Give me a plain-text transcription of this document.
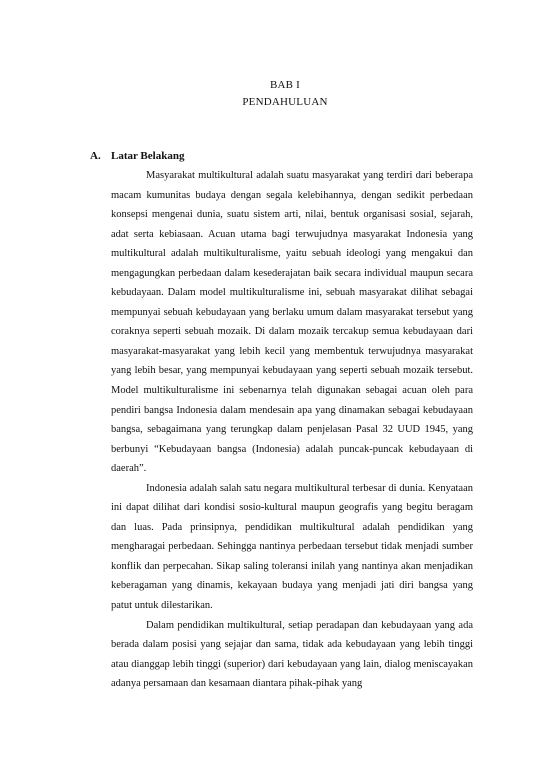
BAB I
PENDAHULUAN
A. Latar Belakang

Masyarakat multikultural adalah suatu masyarakat yang terdiri dari beberapa macam kumunitas budaya dengan segala kelebihannya, dengan sedikit perbedaan konsepsi mengenai dunia, suatu sistem arti, nilai, bentuk organisasi sosial, sejarah, adat serta kebiasaan. Acuan utama bagi terwujudnya masyarakat Indonesia yang multikultural adalah multikulturalisme, yaitu sebuah ideologi yang mengakui dan mengagungkan perbedaan dalam kesederajatan baik secara individual maupun secara kebudayaan. Dalam model multikulturalisme ini, sebuah masyarakat dilihat sebagai mempunyai sebuah kebudayaan yang berlaku umum dalam masyarakat tersebut yang coraknya seperti sebuah mozaik. Di dalam mozaik tercakup semua kebudayaan dari masyarakat-masyarakat yang lebih kecil yang membentuk terwujudnya masyarakat yang lebih besar, yang mempunyai kebudayaan yang seperti sebuah mozaik tersebut. Model multikulturalisme ini sebenarnya telah digunakan sebagai acuan oleh para pendiri bangsa Indonesia dalam mendesain apa yang dinamakan sebagai kebudayaan bangsa, sebagaimana yang terungkap dalam penjelasan Pasal 32 UUD 1945, yang berbunyi “Kebudayaan bangsa (Indonesia) adalah puncak-puncak kebudayaan di daerah”.

Indonesia adalah salah satu negara multikultural terbesar di dunia. Kenyataan ini dapat dilihat dari kondisi sosio-kultural maupun geografis yang begitu beragam dan luas. Pada prinsipnya, pendidikan multikultural adalah pendidikan yang mengharagai perbedaan. Sehingga nantinya perbedaan tersebut tidak menjadi sumber konflik dan perpecahan. Sikap saling toleransi inilah yang nantinya akan menjadikan keberagaman yang dinamis, kekayaan budaya yang menjadi jati diri bangsa yang patut untuk dilestarikan.

Dalam pendidikan multikultural, setiap peradapan dan kebudayaan yang ada berada dalam posisi yang sejajar dan sama, tidak ada kebudayaan yang lebih tinggi atau dianggap lebih tinggi (superior) dari kebudayaan yang lain, dialog meniscayakan adanya persamaan dan kesamaan diantara pihak-pihak yang
